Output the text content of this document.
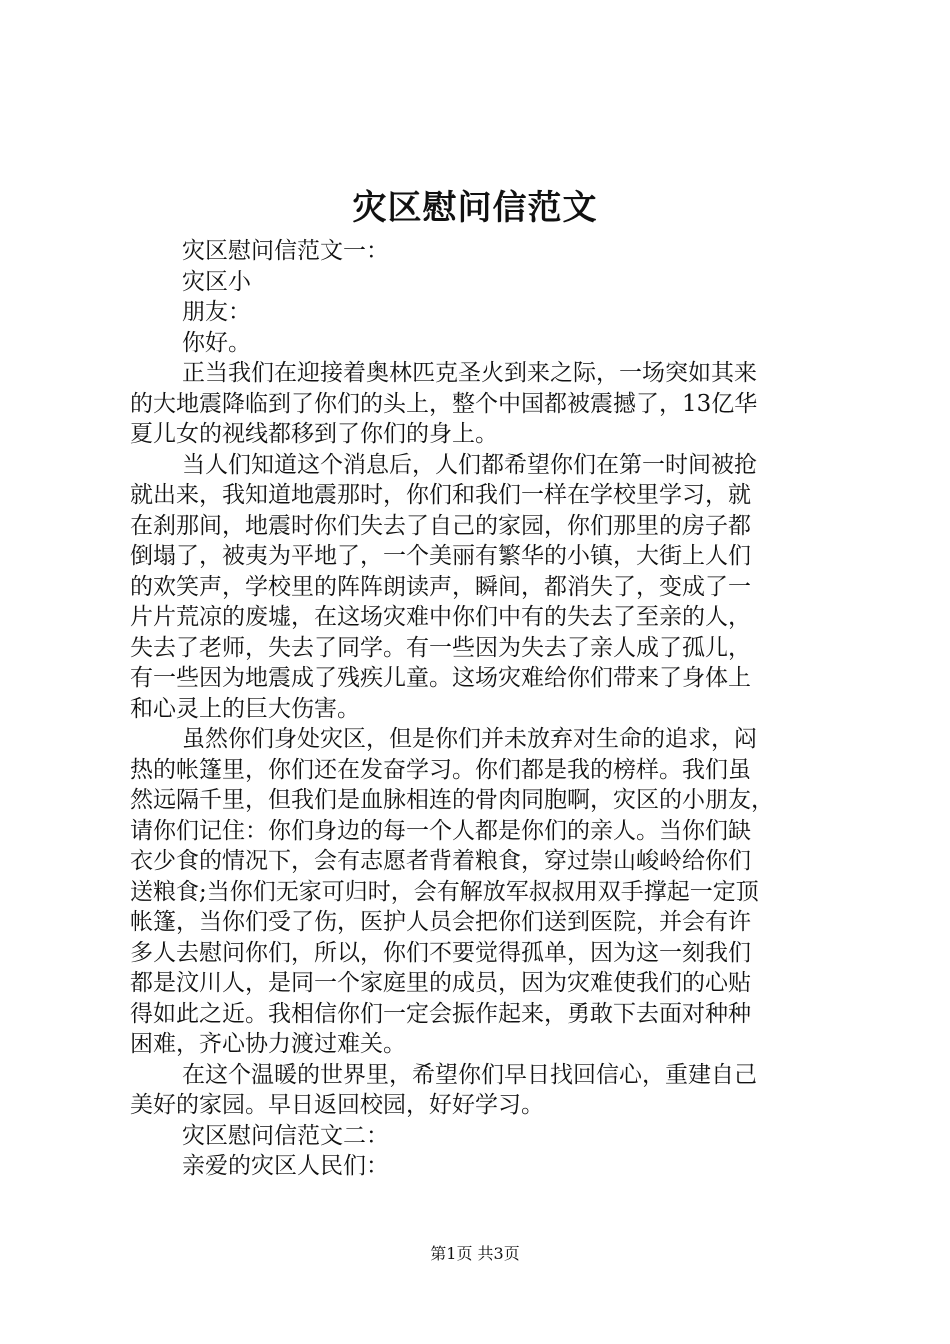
灾区慰问信范文
灾区慰问信范文一：
灾区小
朋友：
你好。
正当我们在迎接着奥林匹克圣火到来之际，一场突如其来
的大地震降临到了你们的头上，整个中国都被震撼了，13亿华
夏儿女的视线都移到了你们的身上。
当人们知道这个消息后，人们都希望你们在第一时间被抢
就出来，我知道地震那时，你们和我们一样在学校里学习，就
在刹那间，地震时你们失去了自己的家园，你们那里的房子都
倒塌了，被夷为平地了，一个美丽有繁华的小镇，大街上人们
的欢笑声，学校里的阵阵朗读声，瞬间，都消失了，变成了一
片片荒凉的废墟，在这场灾难中你们中有的失去了至亲的人，
失去了老师，失去了同学。有一些因为失去了亲人成了孤儿，
有一些因为地震成了残疾儿童。这场灾难给你们带来了身体上
和心灵上的巨大伤害。
虽然你们身处灾区，但是你们并未放弃对生命的追求，闷
热的帐篷里，你们还在发奋学习。你们都是我的榜样。我们虽
然远隔千里，但我们是血脉相连的骨肉同胞啊，灾区的小朋友，
请你们记住：你们身边的每一个人都是你们的亲人。当你们缺
衣少食的情况下，会有志愿者背着粮食，穿过崇山峻岭给你们
送粮食;当你们无家可归时，会有解放军叔叔用双手撑起一定顶
帐篷，当你们受了伤，医护人员会把你们送到医院，并会有许
多人去慰问你们，所以，你们不要觉得孤单，因为这一刻我们
都是汶川人，是同一个家庭里的成员，因为灾难使我们的心贴
得如此之近。我相信你们一定会振作起来，勇敢下去面对种种
困难，齐心协力渡过难关。
在这个温暖的世界里，希望你们早日找回信心，重建自己
美好的家园。早日返回校园，好好学习。
灾区慰问信范文二：
亲爱的灾区人民们：
第1页 共3页
